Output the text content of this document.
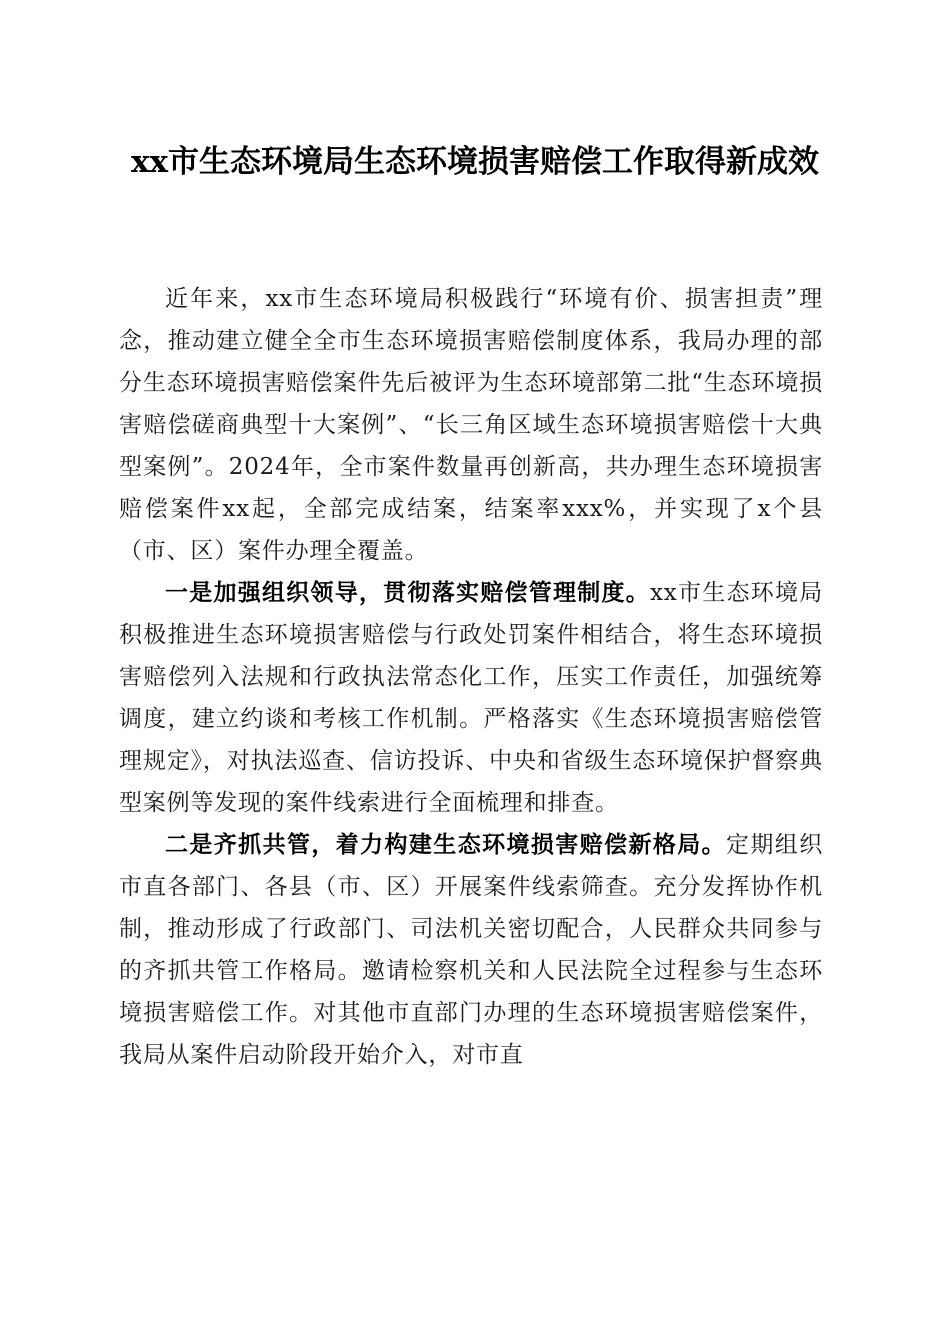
xx市生态环境局生态环境损害赔偿工作取得新成效

近年来，xx市生态环境局积极践行“环境有价、损害担责”理念，推动建立健全全市生态环境损害赔偿制度体系，我局办理的部分生态环境损害赔偿案件先后被评为生态环境部第二批“生态环境损害赔偿磋商典型十大案例”、“长三角区域生态环境损害赔偿十大典型案例”。2024年，全市案件数量再创新高，共办理生态环境损害赔偿案件xx起，全部完成结案，结案率xxx%，并实现了x个县（市、区）案件办理全覆盖。

一是加强组织领导，贯彻落实赔偿管理制度。xx市生态环境局积极推进生态环境损害赔偿与行政处罚案件相结合，将生态环境损害赔偿列入法规和行政执法常态化工作，压实工作责任，加强统筹调度，建立约谈和考核工作机制。严格落实《生态环境损害赔偿管理规定》，对执法巡查、信访投诉、中央和省级生态环境保护督察典型案例等发现的案件线索进行全面梳理和排查。

二是齐抓共管，着力构建生态环境损害赔偿新格局。定期组织市直各部门、各县（市、区）开展案件线索筛查。充分发挥协作机制，推动形成了行政部门、司法机关密切配合，人民群众共同参与的齐抓共管工作格局。邀请检察机关和人民法院全过程参与生态环境损害赔偿工作。对其他市直部门办理的生态环境损害赔偿案件，我局从案件启动阶段开始介入，对市直
